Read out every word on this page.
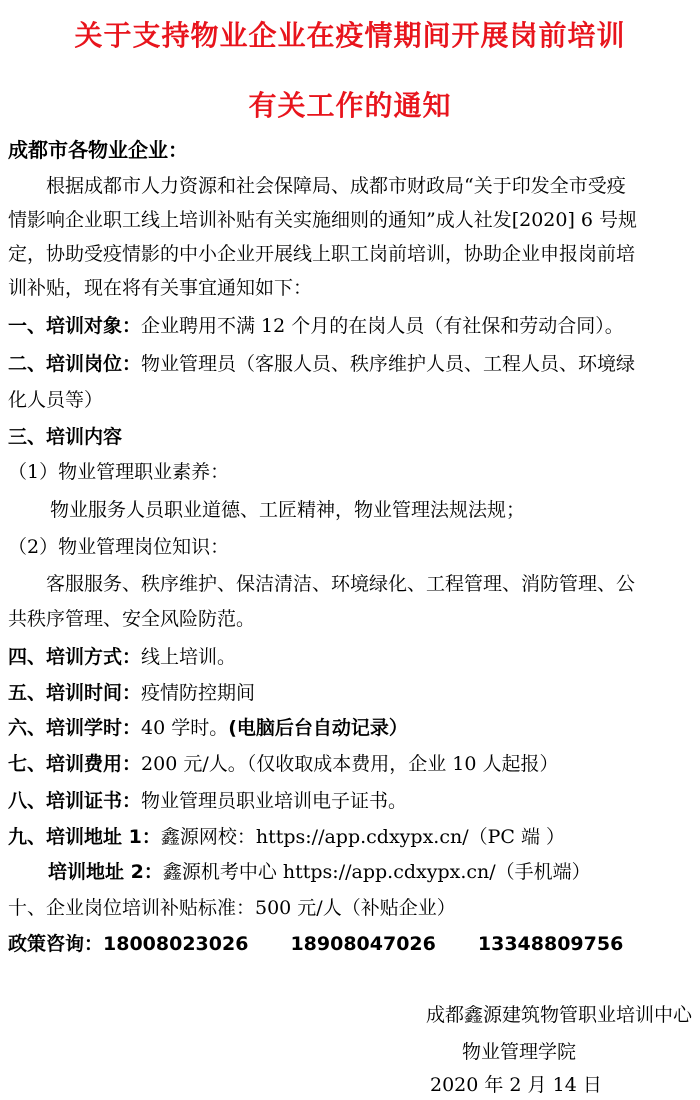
关于支持物业企业在疫情期间开展岗前培训
有关工作的通知
成都市各物业企业：
　　根据成都市人力资源和社会保障局、成都市财政局“关于印发全市受疫
情影响企业职工线上培训补贴有关实施细则的通知”成人社发[2020] 6 号规
定，协助受疫情影的中小企业开展线上职工岗前培训，协助企业申报岗前培
训补贴，现在将有关事宜通知如下：
一、培训对象：企业聘用不满 12 个月的在岗人员（有社保和劳动合同）。
二、培训岗位：物业管理员（客服人员、秩序维护人员、工程人员、环境绿
化人员等）
三、培训内容
（1）物业管理职业素养：
物业服务人员职业道德、工匠精神，物业管理法规法规；
（2）物业管理岗位知识：
客服服务、秩序维护、保洁清洁、环境绿化、工程管理、消防管理、公
共秩序管理、安全风险防范。
四、培训方式：线上培训。
五、培训时间：疫情防控期间
六、培训学时：40 学时。(电脑后台自动记录）
七、培训费用：200 元/人。（仅收取成本费用，企业 10 人起报）
八、培训证书：物业管理员职业培训电子证书。
九、培训地址 1：鑫源网校：https://app.cdxypx.cn/（PC 端 ）
培训地址 2：鑫源机考中心 https://app.cdxypx.cn/（手机端）
十、企业岗位培训补贴标准：500 元/人（补贴企业）
政策咨询：18008023026 18908047026 13348809756
成都鑫源建筑物管职业培训中心
物业管理学院
2020 年 2 月 14 日
